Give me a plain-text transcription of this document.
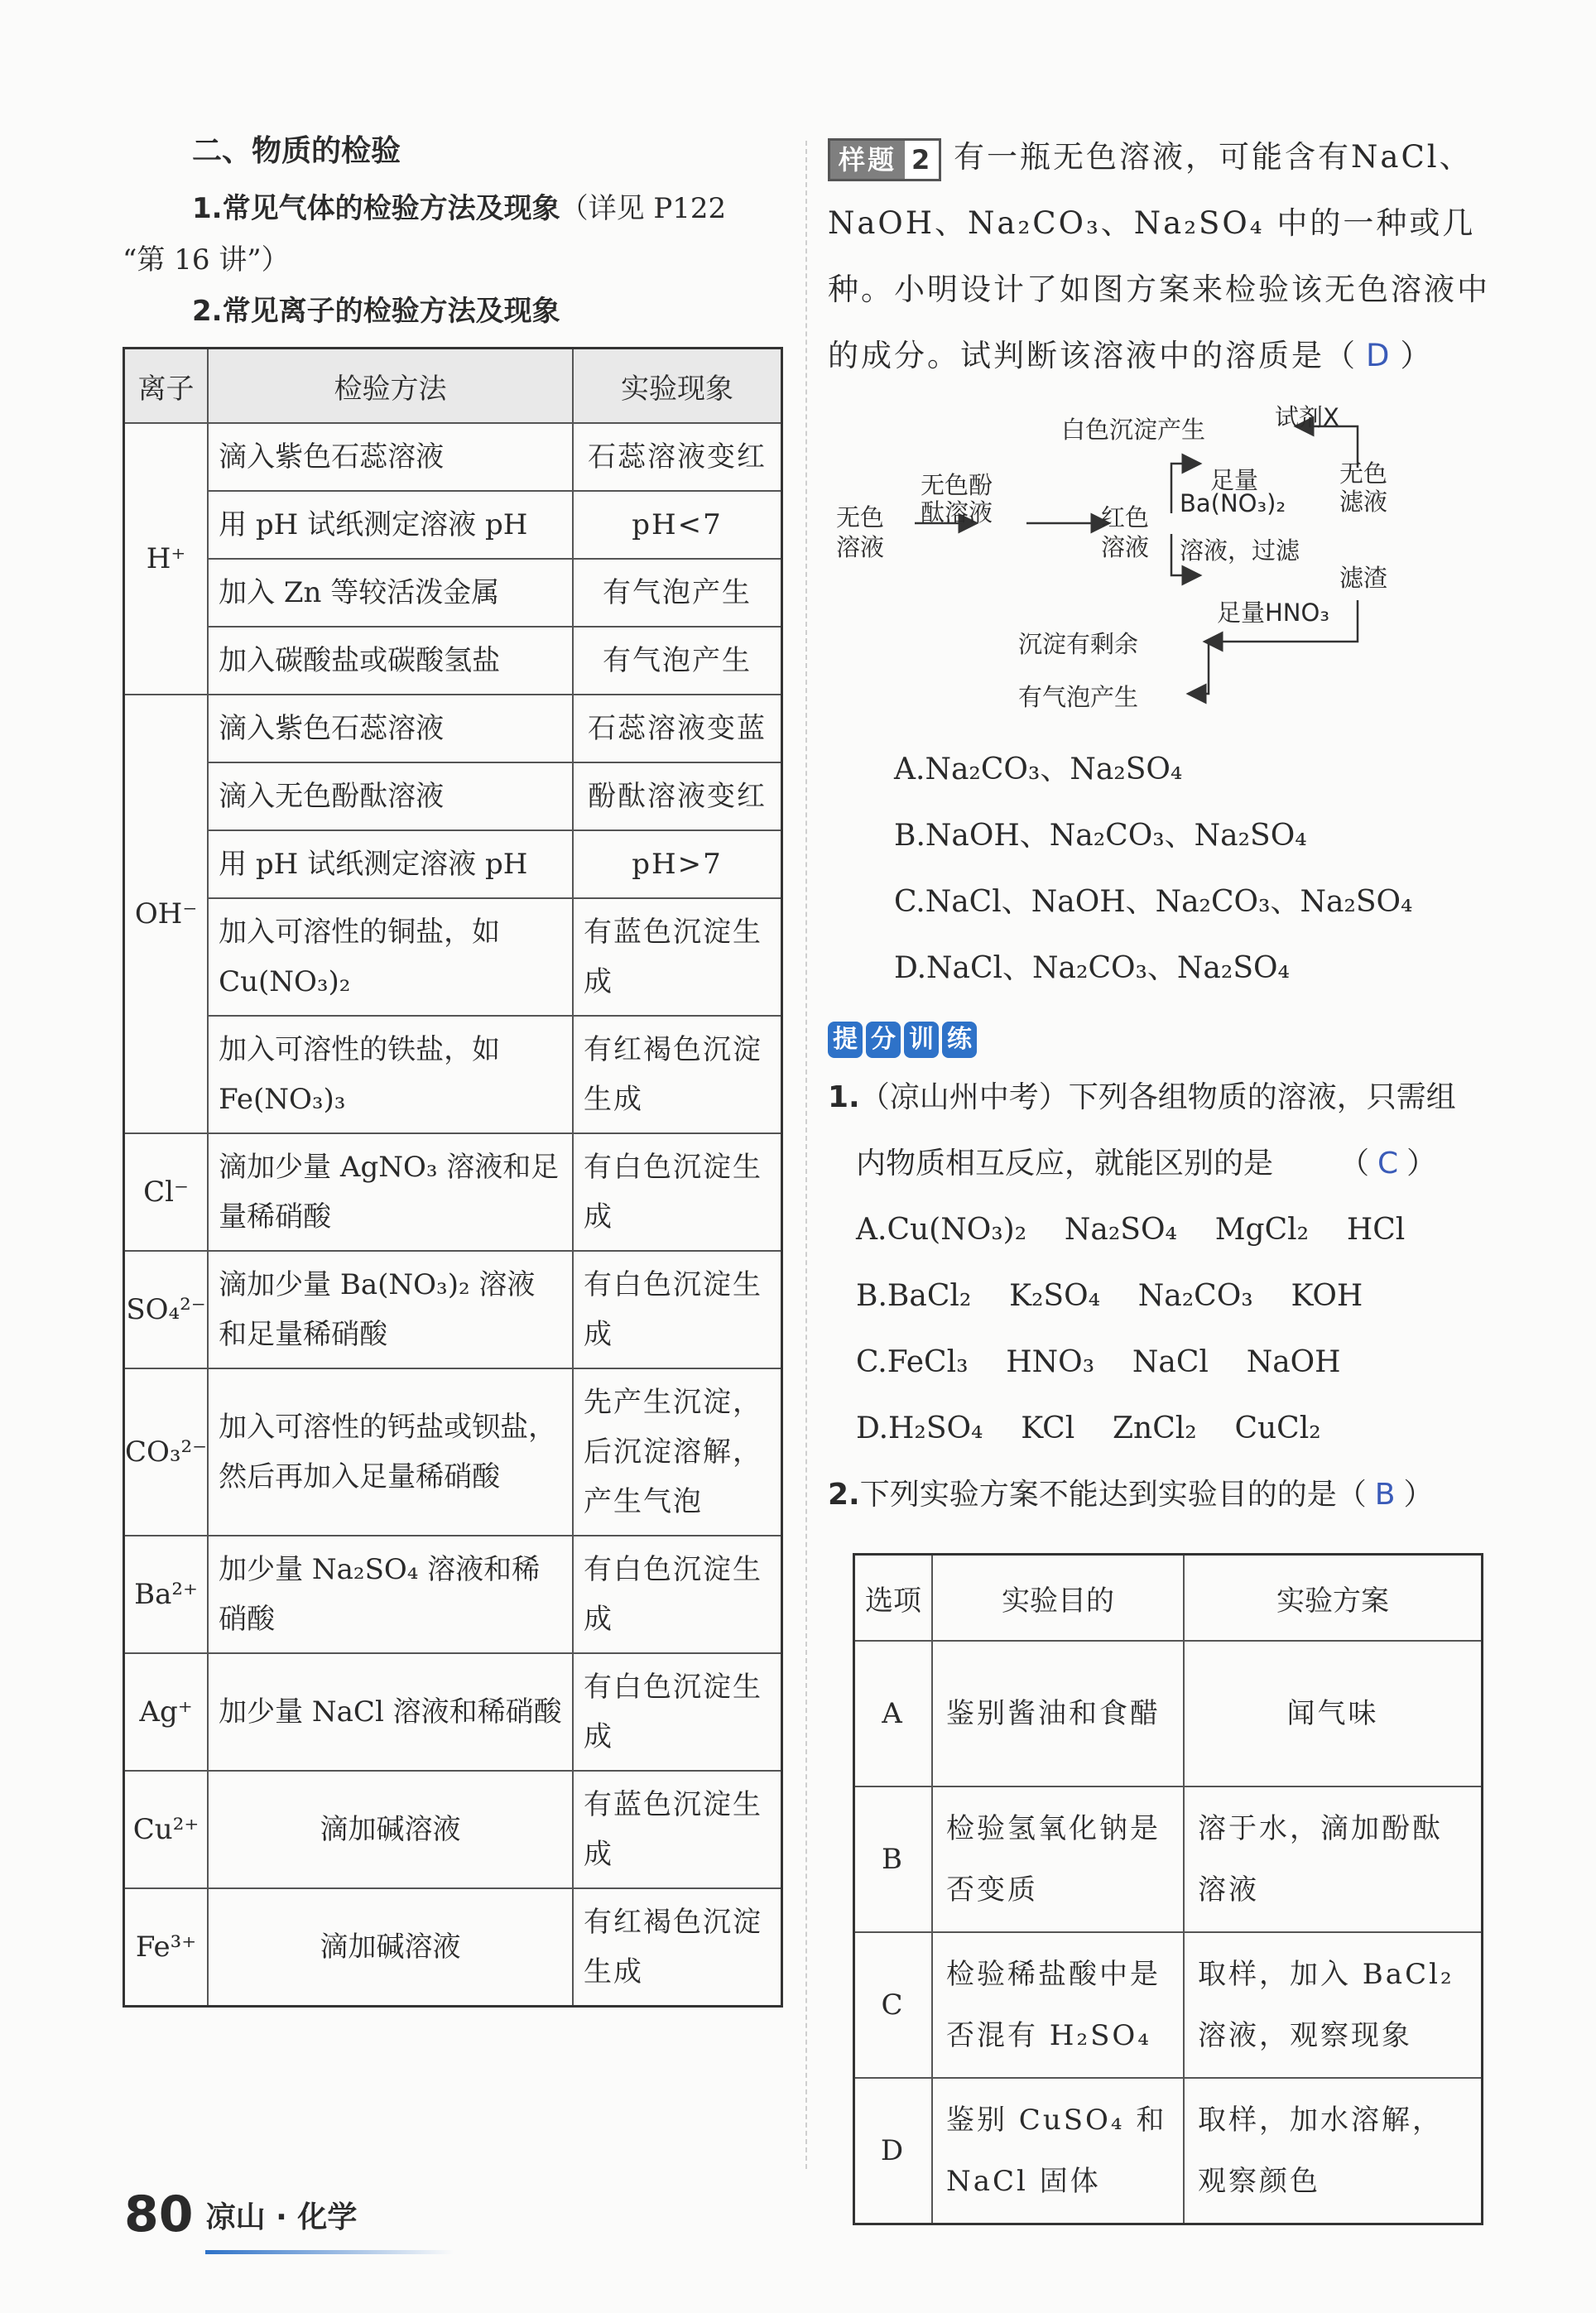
二、物质的检验
1.常见气体的检验方法及现象（详见 P122
“第 16 讲”）
2.常见离子的检验方法及现象
离子	检验方法	实验现象
H⁺	滴入紫色石蕊溶液	石蕊溶液变红
	用 pH 试纸测定溶液 pH	pH<7
	加入 Zn 等较活泼金属	有气泡产生
	加入碳酸盐或碳酸氢盐	有气泡产生
OH⁻	滴入紫色石蕊溶液	石蕊溶液变蓝
	滴入无色酚酞溶液	酚酞溶液变红
	用 pH 试纸测定溶液 pH	pH>7
	加入可溶性的铜盐，如Cu(NO₃)₂	有蓝色沉淀生成
	加入可溶性的铁盐，如Fe(NO₃)₃	有红褐色沉淀生成
Cl⁻	滴加少量 AgNO₃ 溶液和足量稀硝酸	有白色沉淀生成
SO₄²⁻	滴加少量 Ba(NO₃)₂ 溶液和足量稀硝酸	有白色沉淀生成
CO₃²⁻	加入可溶性的钙盐或钡盐，然后再加入足量稀硝酸	先产生沉淀，后沉淀溶解，产生气泡
Ba²⁺	加少量 Na₂SO₄ 溶液和稀硝酸	有白色沉淀生成
Ag⁺	加少量 NaCl 溶液和稀硝酸	有白色沉淀生成
Cu²⁺	滴加碱溶液	有蓝色沉淀生成
Fe³⁺	滴加碱溶液	有红褐色沉淀生成
样题 2 有一瓶无色溶液，可能含有NaCl、NaOH、Na₂CO₃、Na₂SO₄ 中的一种或几种。小明设计了如图方案来检验该无色溶液中的成分。试判断该溶液中的溶质是（ D ）
白色沉淀产生	试剂X
无色酚
酞溶液
足量
Ba(NO₃)₂
溶液，过滤
无色
溶液
红色
溶液
无色
滤液
滤渣
足量HNO₃
沉淀有剩余
有气泡产生
A.Na₂CO₃、Na₂SO₄
B.NaOH、Na₂CO₃、Na₂SO₄
C.NaCl、NaOH、Na₂CO₃、Na₂SO₄
D.NaCl、Na₂CO₃、Na₂SO₄
提 分 训 练
1.（凉山州中考）下列各组物质的溶液，只需组
内物质相互反应，就能区别的是 （ C ）
A.Cu(NO₃)₂    Na₂SO₄    MgCl₂    HCl
B.BaCl₂    K₂SO₄    Na₂CO₃    KOH
C.FeCl₃    HNO₃    NaCl    NaOH
D.H₂SO₄    KCl    ZnCl₂    CuCl₂
2.下列实验方案不能达到实验目的的是（ B ）
选项	实验目的	实验方案
A	鉴别酱油和食醋	闻气味
B	检验氢氧化钠是否变质	溶于水，滴加酚酞溶液
C	检验稀盐酸中是否混有 H₂SO₄	取样，加入 BaCl₂ 溶液，观察现象
D	鉴别 CuSO₄ 和 NaCl 固体	取样，加水溶解，观察颜色
80 凉山 · 化学
